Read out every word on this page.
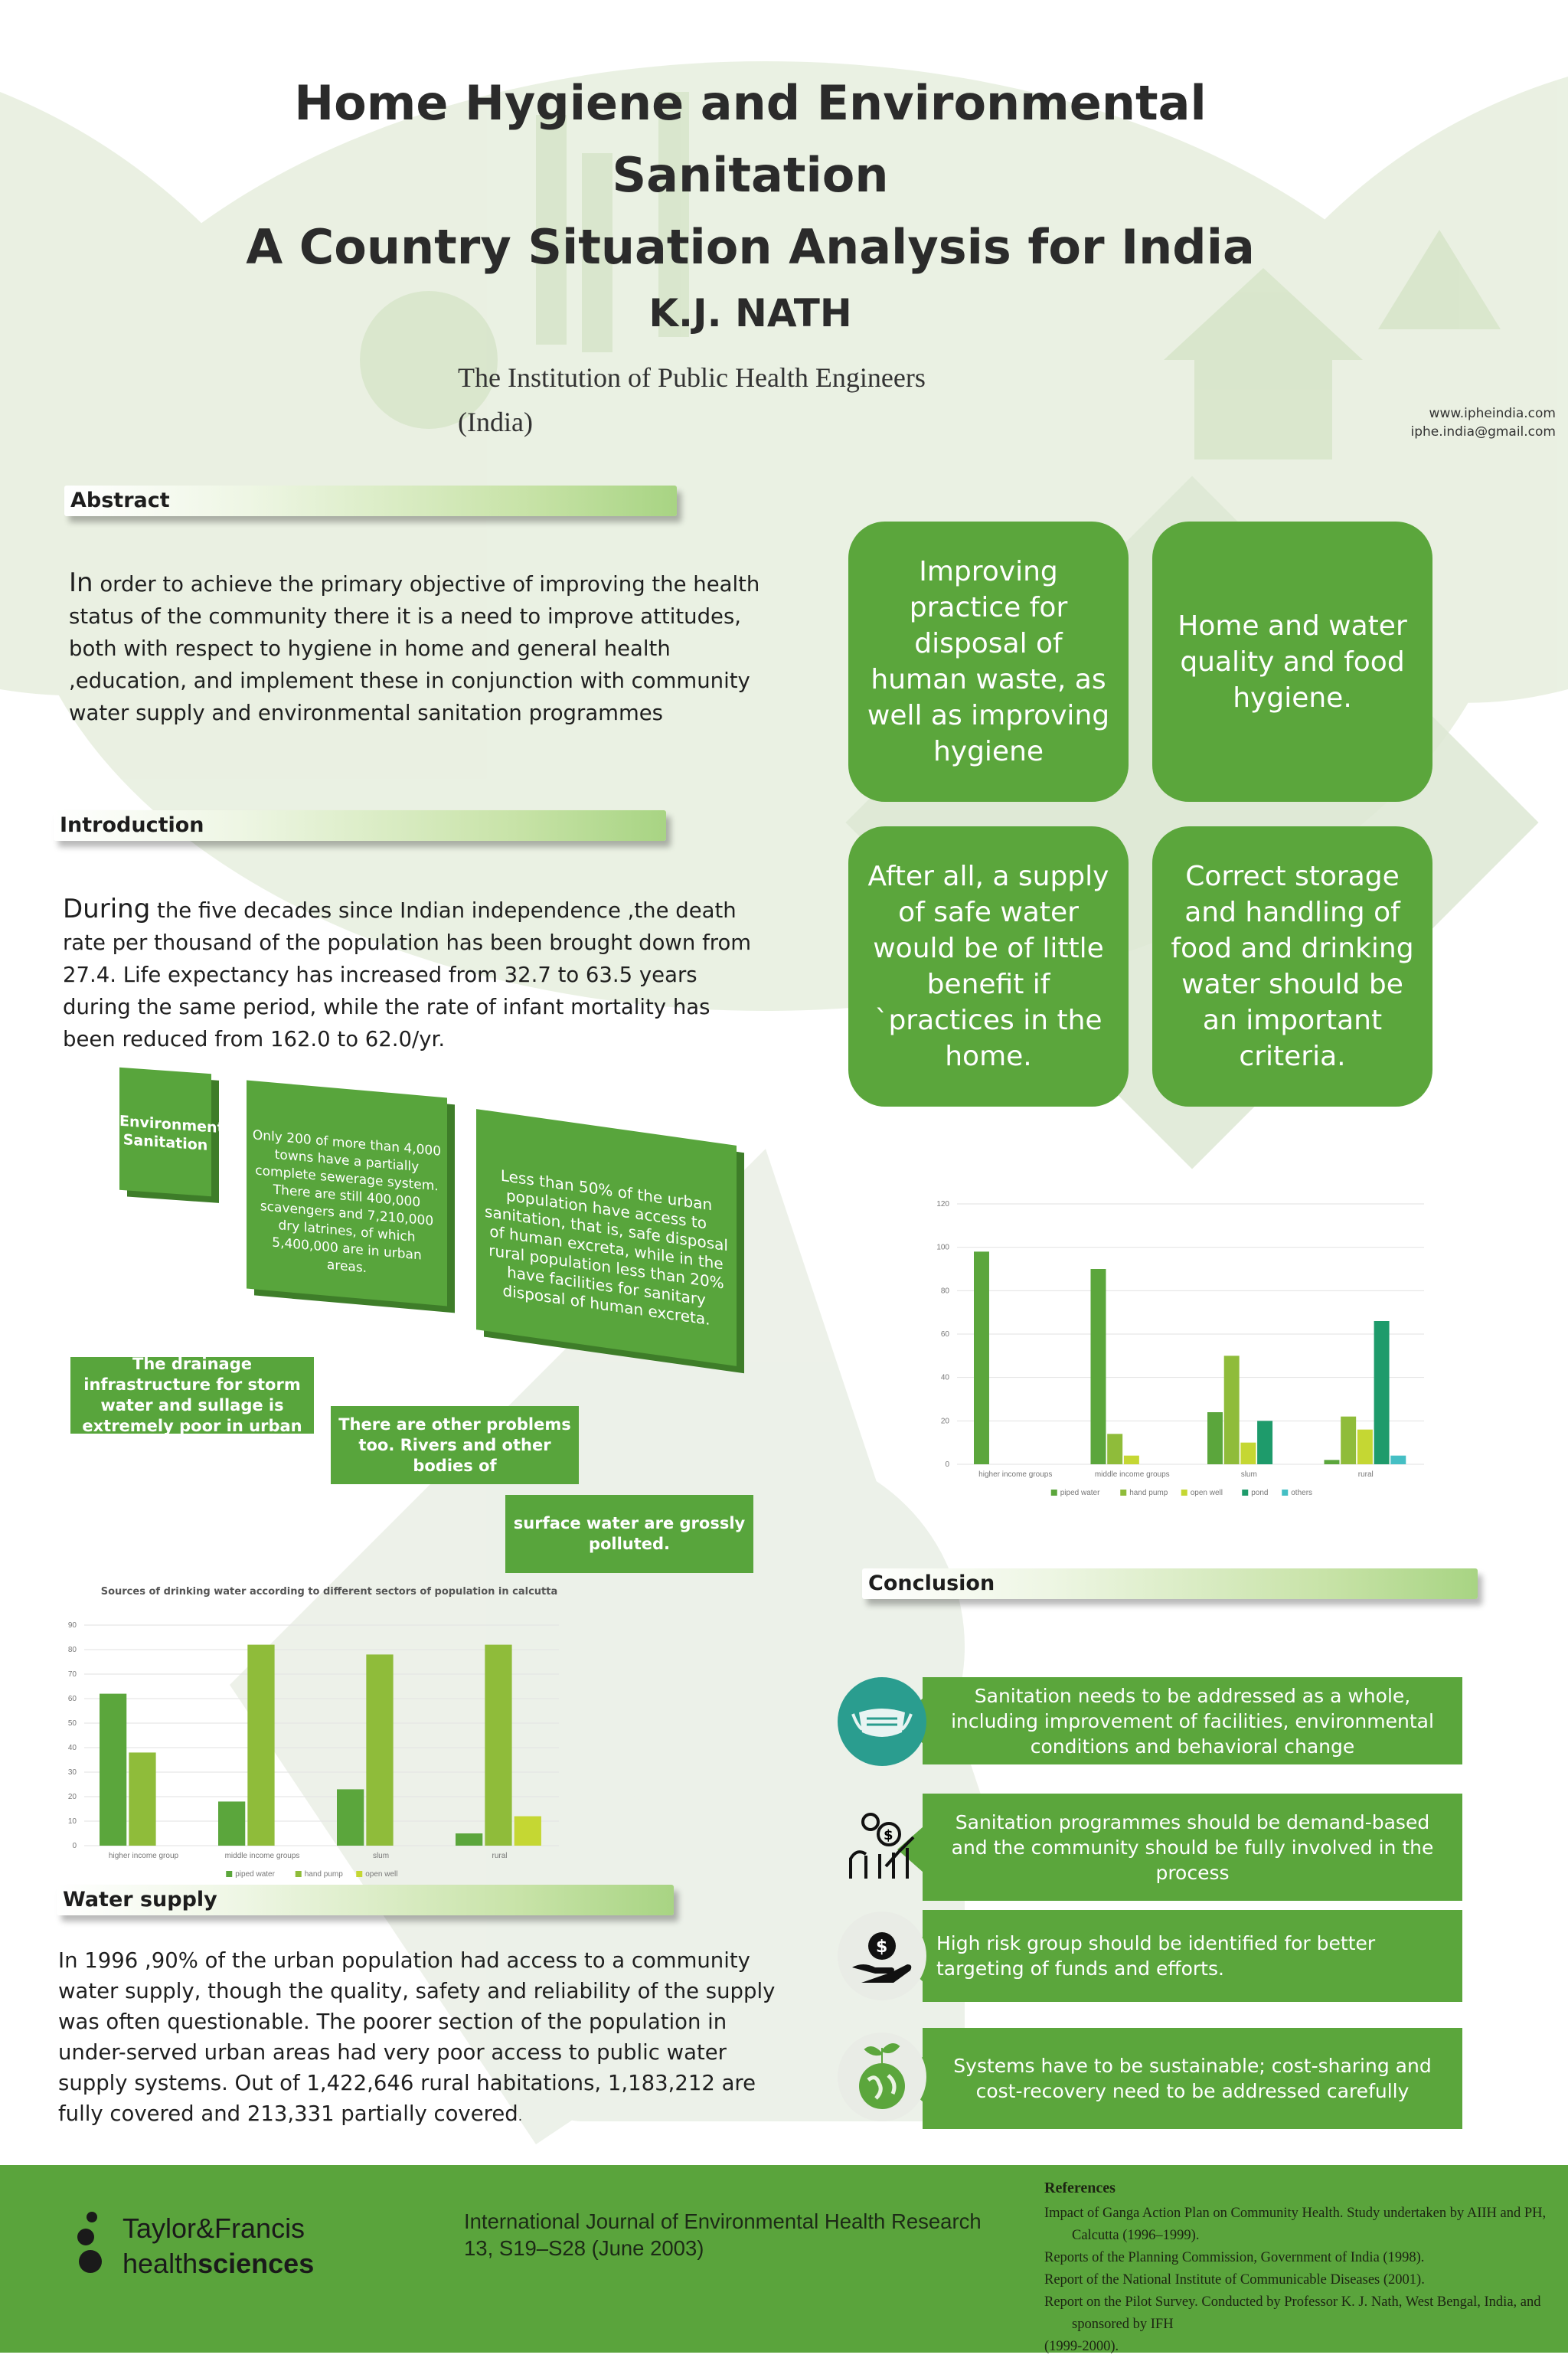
Home Hygiene and Environmental
Sanitation
A Country Situation Analysis for India
K.J. NATH
The Institution of Public Health Engineers
(India)	www.ipheindia.com
iphe.india@gmail.com
Abstract
In order to achieve the primary objective of improving the health status of the community there it is a need to improve attitudes, both with respect to hygiene in home and general health ,education, and implement these in conjunction with community water supply and environmental sanitation programmes
Introduction
During the five decades since Indian independence ,the death rate per thousand of the population has been brought down from 27.4. Life expectancy has increased from 32.7 to 63.5 years during the same period, while the rate of infant mortality has been reduced from 162.0 to 62.0/yr.
Improving practice for disposal of human waste, as well as improving hygiene
Home and water quality and food hygiene.
After all, a supply of safe water would be of little benefit if `practices in the home.
Correct storage and handling of food and drinking water should be an important criteria.
Environmental Sanitation	Only 200 of more than 4,000 towns have a partially complete sewerage system. There are still 400,000 scavengers and 7,210,000 dry latrines, of which 5,400,000 are in urban areas.
Less than 50% of the urban population have access to sanitation, that is, safe disposal of human excreta, while in the rural population less than 20% have facilities for sanitary disposal of human excreta.
The drainage infrastructure for storm water and sullage is extremely poor in urban	There are other problems too. Rivers and other bodies of
surface water are grossly polluted.
0
20
40
60
80
100
120
higher income groups	middle income groups	slum	rural
piped water	hand pump	open well	pond	others
Sources of drinking water according to different sectors of population in calcutta
0
10
20
30
40
50
60
70
80
90
higher income group	middle income groups	slum	rural
piped water	hand pump	open well
Water supply
In 1996 ,90% of the urban population had access to a community water supply, though the quality, safety and reliability of the supply was often questionable. The poorer section of the population in under-served urban areas had very poor access to public water supply systems. Out of 1,422,646 rural habitations, 1,183,212 are fully covered and 213,331 partially covered.
Conclusion
Sanitation needs to be addressed as a whole, including improvement of facilities, environmental conditions and behavioral change
Sanitation programmes should be demand-based and the community should be fully involved in the process
$
High risk group should be identified for better targeting of funds and efforts.
$
Systems have to be sustainable; cost-sharing and cost-recovery need to be addressed carefully
Taylor&Francis
healthsciences
International Journal of Environmental Health Research
13, S19–S28 (June 2003)
References
Impact of Ganga Action Plan on Community Health. Study undertaken by AIIH and PH, Calcutta (1996–1999).
Reports of the Planning Commission, Government of India (1998).
Report of the National Institute of Communicable Diseases (2001).
Report on the Pilot Survey. Conducted by Professor K. J. Nath, West Bengal, India, and sponsored by IFH
(1999-2000).
